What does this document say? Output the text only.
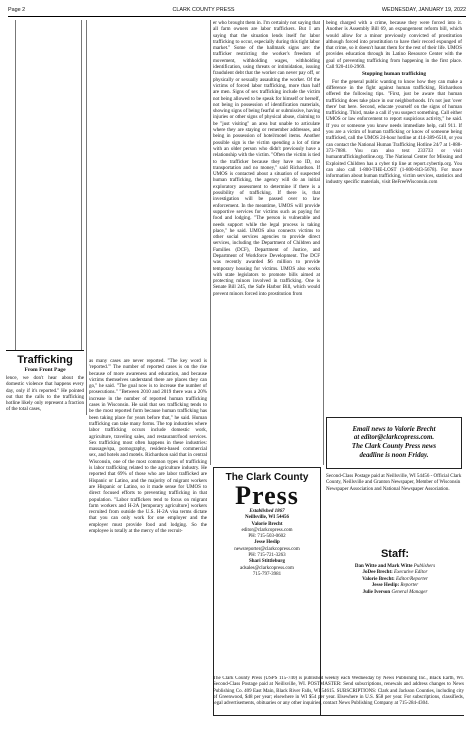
Page 2	CLARK COUNTY PRESS	WEDNESDAY, JANUARY 19, 2022
Trafficking
From Front Page

lence, we don't hear about the domestic violence that happens every day, only if it's reported." He pointed out that the calls to the trafficking hotline likely only represent a fraction of the total cases,

as many cases are never reported. "The key word is 'reported.'" The number of reported cases is on the rise because of more awareness and education, and because victims themselves understand there are places they can go," he said. "The goal now is to increase the number of prosecutions." "Between 2010 and 2019 there was a 20% increase in the number of reported human trafficking cases in Wisconsin. He said that sex trafficking tends to be the most reported form because human trafficking has been taking place for years before that," he said. Human trafficking can take many forms. The top industries where labor trafficking occurs include domestic work, agriculture, traveling sales, and restaurant/food services. Sex trafficking most often happens in these industries: massage/spa, pornography, resident-based commercial sex, and hotels and motels. Richardson said that in central Wisconsin, one of the most common types of trafficking is labor trafficking related to the agriculture industry. He reported that 69% of those who are labor trafficked are Hispanic or Latino, and the majority of migrant workers are Hispanic or Latino, so it made sense for UMOS to direct focused efforts to preventing trafficking in that population. "Labor traffickers tend to focus on migrant farm workers and H-2A [temporary agriculture] workers recruited from outside the U.S. H-2A visa terms dictate that you can only work for one employer and the employer must provide food and lodging. So the employee is totally at the mercy of the recruit-

er who brought them in. I'm certainly not saying that all farm owners are labor traffickers. But I am saying that the situation lends itself for labor trafficking to occur, especially during this tight labor market." Some of the hallmark signs are: the trafficker restricting the worker's freedom of movement, withholding wages, withholding identification, using threats or intimidation, issuing fraudulent debt that the worker can never pay off, or physically or sexually assaulting the worker. Of the victims of forced labor trafficking, more than half are men. Signs of sex trafficking include the victim not being allowed to be speak for himself or herself, not being in possession of identification materials, showing signs of being fearful or submissive, having injuries or other signs of physical abuse, claiming to be "just visiting" an area but unable to articulate where they are staying or remember addresses, and being in possession of hotel/motel items. Another possible sign is the victim spending a lot of time with an older person who didn't previously have a relationship with the victim. "Often the victim is tied to the trafficker because they have no ID, no transportation and no money," said Richardson. If UMOS is contacted about a situation of suspected human trafficking, the agency will do an initial exploratory assessment to determine if there is a possibility of trafficking. If there is, that investigation will be passed over to law enforcement. In the meantime, UMOS will provide supportive services for victims such as paying for food and lodging. "The person is vulnerable and needs support while the legal process is taking place," he said. UMOS also connects victims to other social services agencies to provide direct services, including the Department of Children and Families (DCF), Department of Justice, and Department of Workforce Development. The DCF was recently awarded $6 million to provide temporary housing for victims. UMOS also works with state legislators to promote bills aimed at protecting minors involved in trafficking. One is Senate Bill 245, the Safe Harbor Bill, which would prevent minors forced into prostitution from

being charged with a crime, because they were forced into it. Another is Assembly Bill 69, an expungement reform bill, which would allow for a minor previously convicted of prostitution although forced into prostitution to have their record expunged of that crime, so it doesn't haunt them for the rest of their life. UMOS provides education through its Latino Resource Center with the goal of preventing trafficking from happening in the first place. Call 920-410-2969.

Stopping human trafficking

For the general public wanting to know how they can make a difference in the fight against human trafficking, Richardson offered the following tips. "First, just be aware that human trafficking does take place in our neighborhoods. It's not just 'over there' but here. Second, educate yourself on the signs of human trafficking. Third, make a call if you suspect something. Call either UMOS or law enforcement to report suspicious activity," he said. If you or someone you know needs immediate help, call 911. If you are a victim of human trafficking or know of someone being trafficked, call the UMOS 24-hour hotline at 414-389-6510, or you can contact the National Human Trafficking Hotline 24/7 at 1-888-373-7888. You can also text 233733 or visit humantraffickinghotline.org. The National Center for Missing and Exploited Children has a cyber tip line at report.cybertip.org. You can also call 1-800-THE-LOST (1-800-843-5678). For more information about human trafficking, victim services, statistics and industry specific materials, visit BeFreeWisconsin.com

Email news to Valorie Brecht
at editor@clarkcopress.com.
The Clark County Press news
deadline is noon Friday.
The Clark County
Press
Established 1867
Neillsville, WI 54456
Valorie Brecht
editor@clarkcopress.com
PH: 715-503-0602
Jesse Heslip
newsreporter@clarkcopress.com
PH: 715-721-3263
Shari Stittleburg
adsales@clarkcopress.com
715-797-3981
Second-Class Postage paid at Neillsville, WI 54456 - Official Clark County, Neillsville and Granton Newspaper, Member of Wisconsin Newspaper Association and National Newspaper Association.
Staff:
Dan Witte and Mark Witte Publishers
JoDee Brecht: Executive Editor
Valorie Brecht: Editor/Reporter
Jesse Heslip: Reporter
Julie Iverson General Manager
The Clark County Press (USPS 115-740) is published weekly each Wednesday by News Publishing Inc., Black Earth, WI. Second-Class Postage paid at Neillsville, WI. POSTMASTER: Send subscriptions, renewals and address changes to News Publishing Co. 409 East Main, Black River Falls, WI 54615. SUBSCRIPTIONS: Clark and Jackson Counties, including city of Greenwood, $48 per year; elsewhere in WI $54 per year. Elsewhere in U.S. $58 per year. For subscriptions, classifieds, legal advertisements, obituaries or any other inquiries, contact News Publishing Company at 715-284-4304.
